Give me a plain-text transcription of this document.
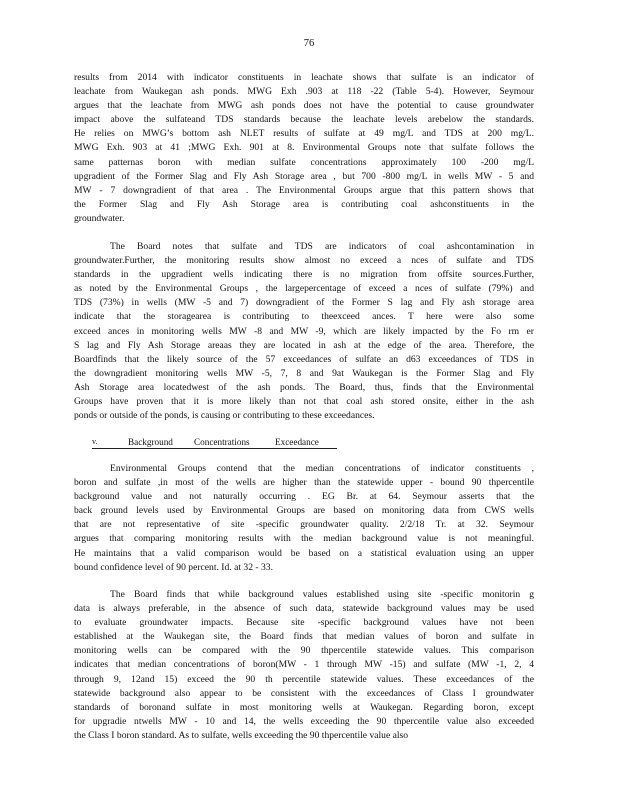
76
results from 2014 with indicator constituents in leachate shows that sulfate is an indicator of
leachate from Waukegan ash ponds. MWG Exh .903 at 118 -22 (Table 5-4). However, Seymour
argues that the leachate from MWG ash ponds does not have the potential to cause groundwater
impact above the sulfateand TDS standards because the leachate levels arebelow the standards.
He relies on MWG’s bottom ash NLET results of sulfate at 49 mg/L and TDS at 200 mg/L.
MWG Exh. 903 at 41 ;MWG Exh. 901 at 8. Environmental Groups note that sulfate follows the
same patternas boron with median sulfate concentrations approximately 100 -200 mg/L
upgradient of the Former Slag and Fly Ash Storage area , but 700 -800 mg/L in wells MW - 5 and
MW - 7 downgradient of that area . The Environmental Groups argue that this pattern shows that
the Former Slag and Fly Ash Storage area is contributing coal ashconstituents in the
groundwater.
The Board notes that sulfate and TDS are indicators of coal ashcontamination in
groundwater.Further, the monitoring results show almost no exceed a nces of sulfate and TDS
standards in the upgradient wells indicating there is no migration from offsite sources.Further,
as noted by the Environmental Groups , the largepercentage of exceed a nces of sulfate (79%) and
TDS (73%) in wells (MW -5 and 7) downgradient of the Former S lag and Fly ash storage area
indicate that the storagearea is contributing to theexceed ances. T here were also some
exceed ances in monitoring wells MW -8 and MW -9, which are likely impacted by the Fo rm er
S lag and Fly Ash Storage areaas they are located in ash at the edge of the area. Therefore, the
Boardfinds that the likely source of the 57 exceedances of sulfate an d63 exceedances of TDS in
the downgradient monitoring wells MW -5, 7, 8 and 9at Waukegan is the Former Slag and Fly
Ash Storage area locatedwest of the ash ponds. The Board, thus, finds that the Environmental
Groups have proven that it is more likely than not that coal ash stored onsite, either in the ash
ponds or outside of the ponds, is causing or contributing to these exceedances.
v.	Background Concentrations	Exceedance
Environmental Groups contend that the median concentrations of indicator constituents ,
boron and sulfate ,in most of the wells are higher than the statewide upper - bound 90 thpercentile
background value and not naturally occurring . EG Br. at 64. Seymour asserts that the
back ground levels used by Environmental Groups are based on monitoring data from CWS wells
that are not representative of site -specific groundwater quality. 2/2/18 Tr. at 32. Seymour
argues that comparing monitoring results with the median background value is not meaningful.
He maintains that a valid comparison would be based on a statistical evaluation using an upper
bound confidence level of 90 percent. Id. at 32 - 33.
The Board finds that while background values established using site -specific monitorin g
data is always preferable, in the absence of such data, statewide background values may be used
to evaluate groundwater impacts. Because site -specific background values have not been
established at the Waukegan site, the Board finds that median values of boron and sulfate in
monitoring wells can be compared with the 90 thpercentile statewide values. This comparison
indicates that median concentrations of boron(MW - 1 through MW -15) and sulfate (MW -1, 2, 4
through 9, 12and 15) exceed the 90 th percentile statewide values. These exceedances of the
statewide background also appear to be consistent with the exceedances of Class I groundwater
standards of boronand sulfate in most monitoring wells at Waukegan. Regarding boron, except
for upgradie ntwells MW - 10 and 14, the wells exceeding the 90 thpercentile value also exceeded
the Class I boron standard. As to sulfate, wells exceeding the 90 thpercentile value also
